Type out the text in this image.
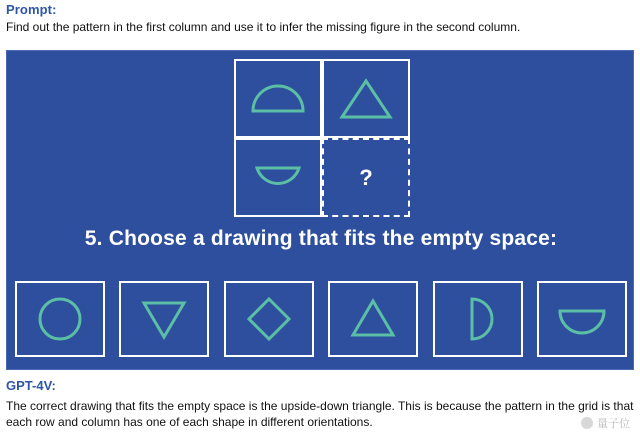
Prompt:
Find out the pattern in the first column and use it to infer the missing figure in the second column.
?
5. Choose a drawing that fits the empty space:
GPT-4V:
The correct drawing that fits the empty space is the upside-down triangle. This is because the pattern in the grid is that each row and column has one of each shape in different orientations.	量子位
